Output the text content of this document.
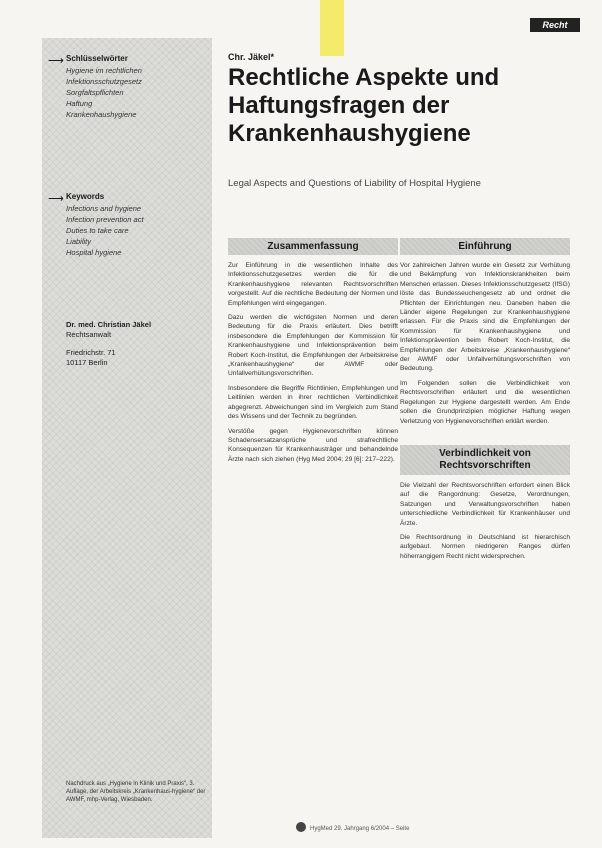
Recht
⟶ Schlüsselwörter
Hygiene im rechtlichen
Infektionsschutzgesetz
Sorgfaltspflichten
Haftung
Krankenhaushygiene
⟶ Keywords
Infections and hygiene
Infection prevention act
Duties to take care
Liability
Hospital hygiene
Dr. med. Christian Jäkel
Rechtsanwalt
Friedrichstr. 71
10117 Berlin
Nachdruck aus „Hygiene in Klinik und Praxis“, 3. Auflage, der Arbeitskreis „Krankenhaus-hygiene“ der AWMF, mhp-Verlag, Wiesbaden.
Chr. Jäkel*
Rechtliche Aspekte und
Haftungsfragen der
Krankenhaushygiene
Legal Aspects and Questions of Liability of Hospital Hygiene
Zusammenfassung

Zur Einführung in die wesentlichen Inhalte des Infektionsschutzgesetzes werden die für die Krankenhaushygiene relevanten Rechtsvorschriften vorgestellt. Auf die rechtliche Bedeutung der Normen und Empfehlungen wird eingegangen.

Dazu werden die wichtigsten Normen und deren Bedeutung für die Praxis erläutert. Dies betrifft insbesondere die Empfehlungen der Kommission für Krankenhaushygiene und Infektionsprävention beim Robert Koch-Institut, die Empfehlungen der Arbeitskreise „Krankenhaushygiene“ der AWMF oder Unfallverhütungsvorschriften.

Insbesondere die Begriffe Richtlinien, Empfehlungen und Leitlinien werden in ihrer rechtlichen Verbindlichkeit abgegrenzt. Abweichungen sind im Vergleich zum Stand des Wissens und der Technik zu begründen.

Verstöße gegen Hygienevorschriften können Schadensersatzansprüche und strafrechtliche Konsequenzen für Krankenhausträger und behandelnde Ärzte nach sich ziehen (Hyg Med 2004; 29 [6]: 217–222).

Einführung

Vor zahlreichen Jahren wurde ein Gesetz zur Verhütung und Bekämpfung von Infektionskrankheiten beim Menschen erlassen. Dieses Infektionsschutzgesetz (IfSG) löste das Bundesseuchengesetz ab und ordnet die Pflichten der Einrichtungen neu. Daneben haben die Länder eigene Regelungen zur Krankenhaushygiene erlassen. Für die Praxis sind die Empfehlungen der Kommission für Krankenhaushygiene und Infektionsprävention beim Robert Koch-Institut, die Empfehlungen der Arbeitskreise „Krankenhaushygiene“ der AWMF oder Unfallverhütungsvorschriften von Bedeutung.

Im Folgenden sollen die Verbindlichkeit von Rechtsvorschriften erläutert und die wesentlichen Regelungen zur Hygiene dargestellt werden. Am Ende sollen die Grundprinzipien möglicher Haftung wegen Verletzung von Hygienevorschriften erklärt werden.

Verbindlichkeit von
Rechtsvorschriften

Die Vielzahl der Rechtsvorschriften erfordert einen Blick auf die Rangordnung: Gesetze, Verordnungen, Satzungen und Verwaltungsvorschriften haben unterschiedliche Verbindlichkeit für Krankenhäuser und Ärzte.

Die Rechtsordnung in Deutschland ist hierarchisch aufgebaut. Normen niedrigeren Ranges dürfen höherrangigem Recht nicht widersprechen.

HygMed 29. Jahrgang 6/2004 – Seite
